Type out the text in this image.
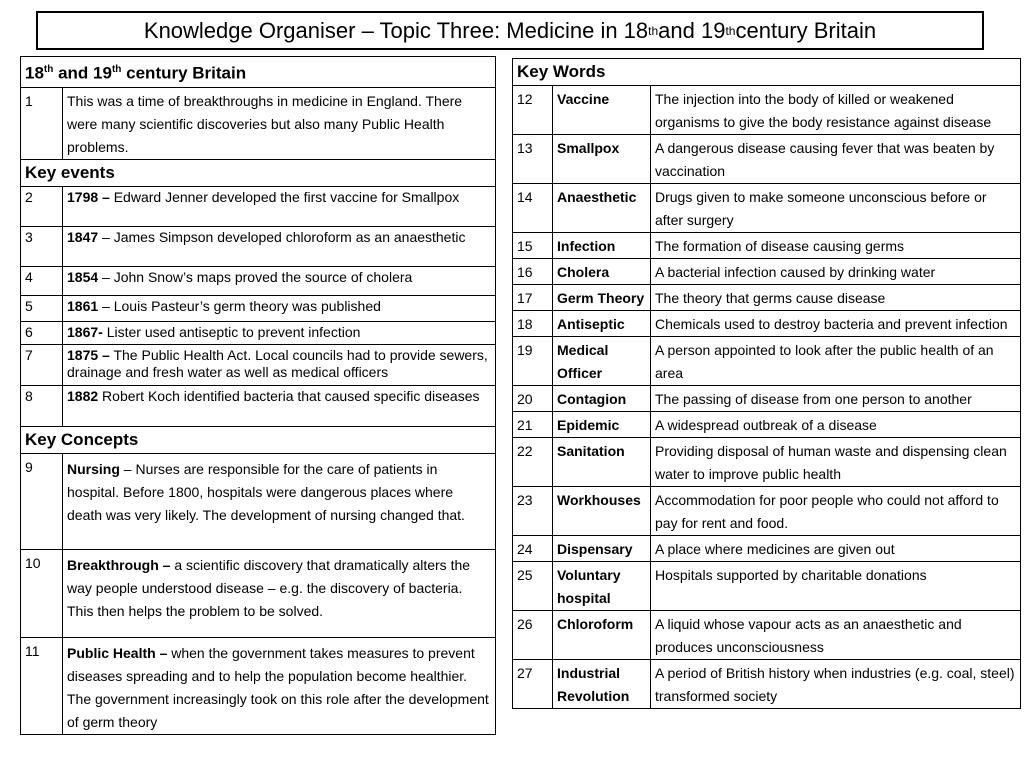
Knowledge Organiser – Topic Three: Medicine in 18 th and 19 th century Britain
18th and 19th century Britain	
1	This was a time of breakthroughs in medicine in England. There were many scientific discoveries but also many Public Health problems.
Key events	
2	1798 – Edward Jenner developed the first vaccine for Smallpox
3	1847 – James Simpson developed chloroform as an anaesthetic
4	1854 – John Snow’s maps proved the source of cholera
5	1861 – Louis Pasteur’s germ theory was published
6	1867- Lister used antiseptic to prevent infection
7	1875 – The Public Health Act. Local councils had to provide sewers, drainage and fresh water as well as medical officers
8	1882 Robert Koch identified bacteria that caused specific diseases
Key Concepts	
9	Nursing – Nurses are responsible for the care of patients in hospital. Before 1800, hospitals were dangerous places where death was very likely. The development of nursing changed that.
10	Breakthrough – a scientific discovery that dramatically alters the way people understood disease – e.g. the discovery of bacteria. This then helps the problem to be solved.
11	Public Health – when the government takes measures to prevent diseases spreading and to help the population become healthier. The government increasingly took on this role after the development of germ theory
Key Words		
12	Vaccine	The injection into the body of killed or weakened organisms to give the body resistance against disease
13	Smallpox	A dangerous disease causing fever that was beaten by vaccination
14	Anaesthetic	Drugs given to make someone unconscious before or after surgery
15	Infection	The formation of disease causing germs
16	Cholera	A bacterial infection caused by drinking water
17	Germ Theory	The theory that germs cause disease
18	Antiseptic	Chemicals used to destroy bacteria and prevent infection
19	Medical Officer	A person appointed to look after the public health of an area
20	Contagion	The passing of disease from one person to another
21	Epidemic	A widespread outbreak of a disease
22	Sanitation	Providing disposal of human waste and dispensing clean water to improve public health
23	Workhouses	Accommodation for poor people who could not afford to pay for rent and food.
24	Dispensary	A place where medicines are given out
25	Voluntary hospital	Hospitals supported by charitable donations
26	Chloroform	A liquid whose vapour acts as an anaesthetic and produces unconsciousness
27	Industrial Revolution	A period of British history when industries (e.g. coal, steel) transformed society
